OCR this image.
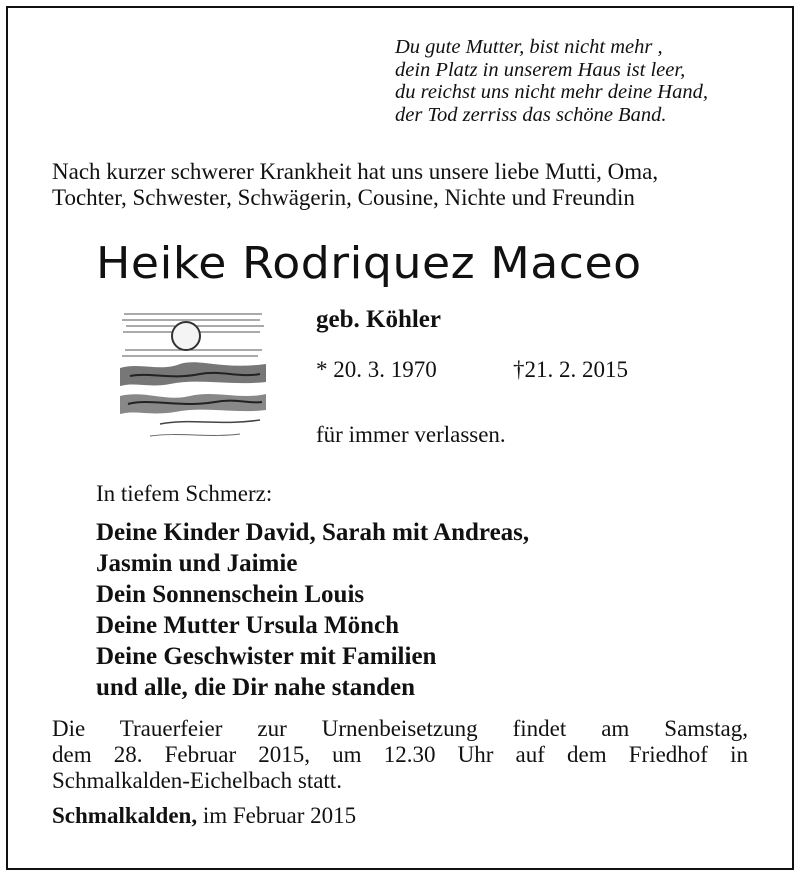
Du gute Mutter, bist nicht mehr ,
dein Platz in unserem Haus ist leer,
du reichst uns nicht mehr deine Hand,
der Tod zerriss das schöne Band.
Nach kurzer schwerer Krankheit hat uns unsere liebe Mutti, Oma,
Tochter, Schwester, Schwägerin, Cousine, Nichte und Freundin
Heike Rodriquez Maceo
geb. Köhler
* 20. 3. 1970	†21. 2. 2015
für immer verlassen.
In tiefem Schmerz:
Deine Kinder David, Sarah mit Andreas,
Jasmin und Jaimie
Dein Sonnenschein Louis
Deine Mutter Ursula Mönch
Deine Geschwister mit Familien
und alle, die Dir nahe standen
Die Trauerfeier zur Urnenbeisetzung findet am Samstag,
dem 28. Februar 2015, um 12.30 Uhr auf dem Friedhof in
Schmalkalden-Eichelbach statt.
Schmalkalden, im Februar 2015
